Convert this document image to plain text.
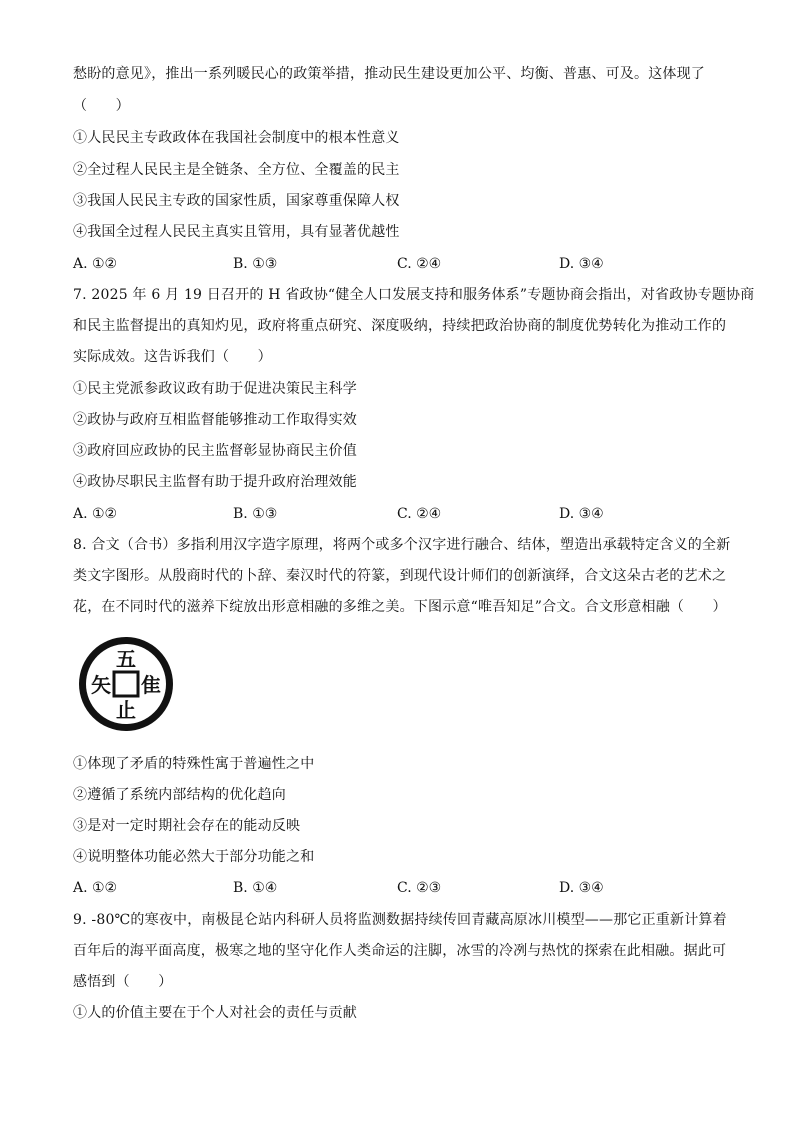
愁盼的意见》，推出一系列暖民心的政策举措，推动民生建设更加公平、均衡、普惠、可及。这体现了
（　　）
①人民民主专政政体在我国社会制度中的根本性意义
②全过程人民民主是全链条、全方位、全覆盖的民主
③我国人民民主专政的国家性质，国家尊重保障人权
④我国全过程人民民主真实且管用，具有显著优越性
A. ①②	B. ①③	C. ②④	D. ③④
7. 2025 年 6 月 19 日召开的 H 省政协“健全人口发展支持和服务体系”专题协商会指出，对省政协专题协商
和民主监督提出的真知灼见，政府将重点研究、深度吸纳，持续把政治协商的制度优势转化为推动工作的
实际成效。这告诉我们（　　）
①民主党派参政议政有助于促进决策民主科学
②政协与政府互相监督能够推动工作取得实效
③政府回应政协的民主监督彰显协商民主价值
④政协尽职民主监督有助于提升政府治理效能
A. ①②	B. ①③	C. ②④	D. ③④
8. 合文（合书）多指利用汉字造字原理，将两个或多个汉字进行融合、结体，塑造出承载特定含义的全新
类文字图形。从殷商时代的卜辞、秦汉时代的符篆，到现代设计师们的创新演绎，合文这朵古老的艺术之
花，在不同时代的滋养下绽放出形意相融的多维之美。下图示意“唯吾知足”合文。合文形意相融（　　）
五
隹
止
矢
①体现了矛盾的特殊性寓于普遍性之中
②遵循了系统内部结构的优化趋向
③是对一定时期社会存在的能动反映
④说明整体功能必然大于部分功能之和
A. ①②	B. ①④	C. ②③	D. ③④
9. -80℃的寒夜中，南极昆仑站内科研人员将监测数据持续传回青藏高原冰川模型——那它正重新计算着
百年后的海平面高度，极寒之地的坚守化作人类命运的注脚，冰雪的冷冽与热忱的探索在此相融。据此可
感悟到（　　）
①人的价值主要在于个人对社会的责任与贡献
